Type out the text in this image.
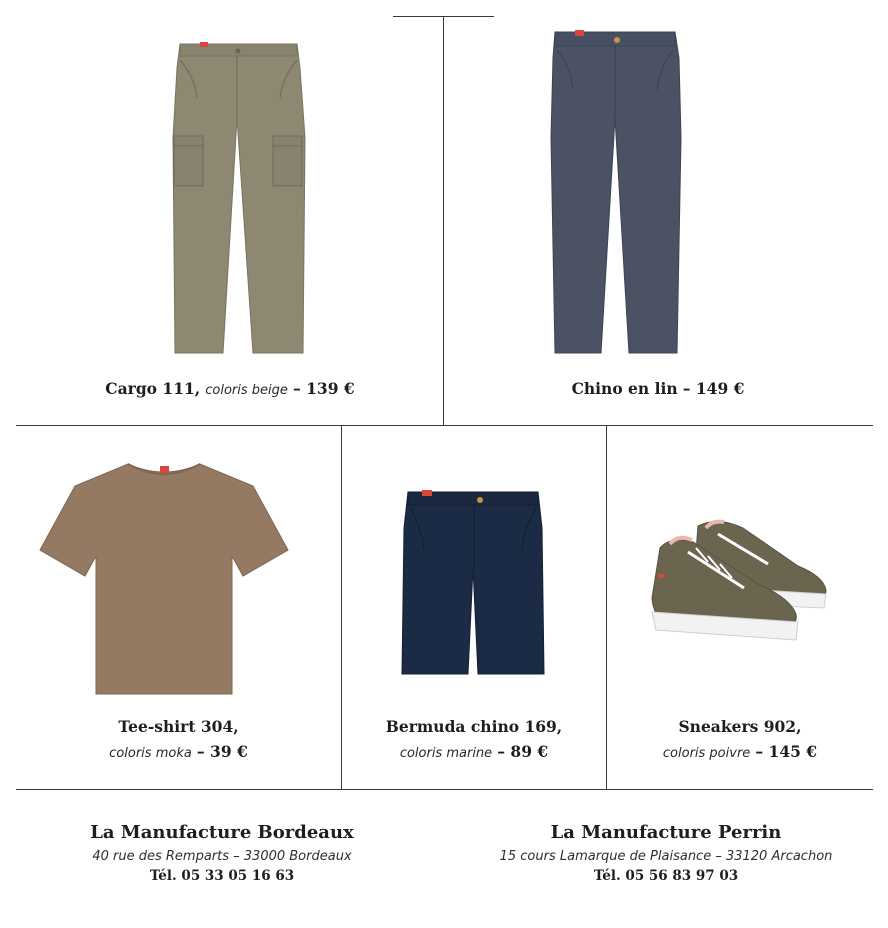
Cargo 111, coloris beige – 139 €	Chino en lin – 149 €
Tee-shirt 304,
coloris moka – 39 €
Bermuda chino 169,
coloris marine – 89 €
Sneakers 902,
coloris poivre – 145 €
La Manufacture Bordeaux
40 rue des Remparts – 33000 Bordeaux
Tél. 05 33 05 16 63
La Manufacture Perrin
15 cours Lamarque de Plaisance – 33120 Arcachon
Tél. 05 56 83 97 03
